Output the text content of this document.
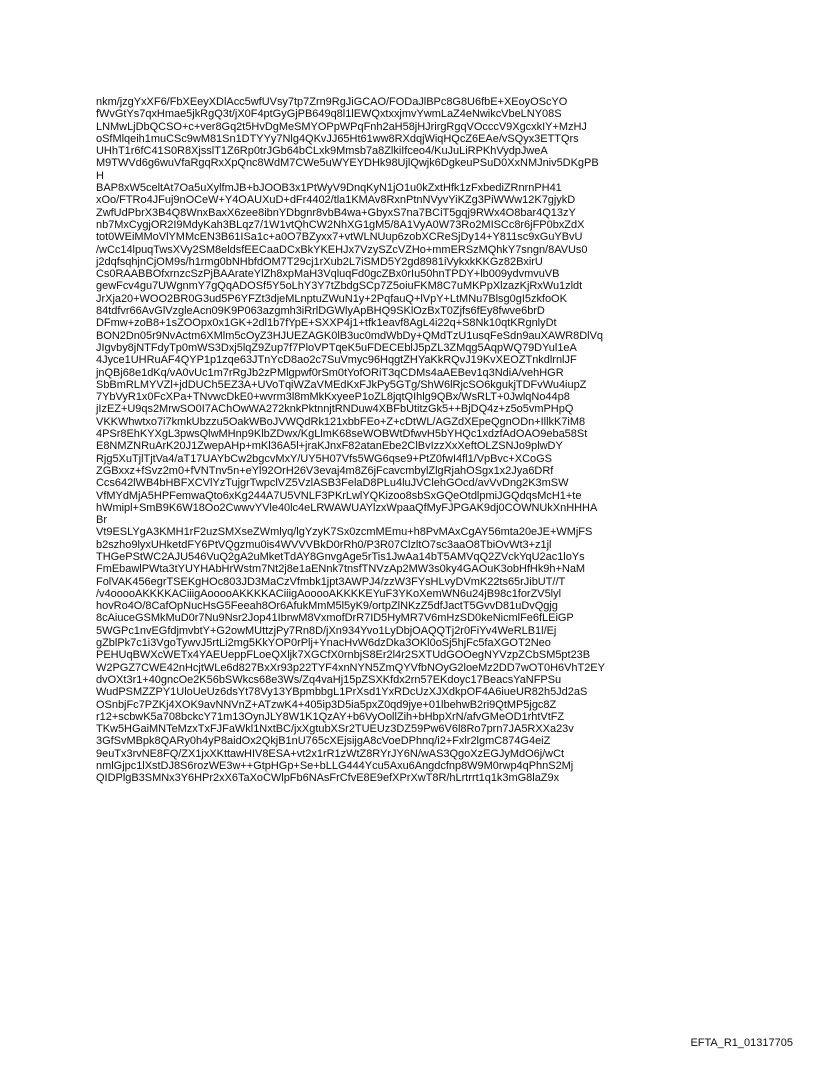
nkm/jzgYxXF6/FbXEeyXDlAcc5wfUVsy7tp7Zrn9RgJiGCAO/FODaJlBPc8G8U6fbE+XEoyOScYO
fWvGtYs7qxHmae5jkRgQ3t/jX0F4ptGyGjPB649q8l1lEWQxtxxjmvYwmLaZ4eNwikcVbeLNY08S
LNMwLjDbQCSO+c+ver8Gq2t5HvDgMeSMYOPpWPqFnh2aH58jHJrirgRgqVOcccV9XgcxkIY+MzHJ
oSfMlqeih1muCSc9wM81Sn1DTYYy7Nlg4QKvJJ65Ht61ww8RXdqjWiqHQcZ6EAe/vSQyx3ETTQrs
UHhT1r6fC41S0R8XjsslT1Z6Rp0trJGb64bCLxk9Mmsb7a8ZlkiIfceo4/KuJuLiRPKhVydpJweA
M9TWVd6g6wuVfaRgqRxXpQnc8WdM7CWe5uWYEYDHk98UjlQwjk6DgkeuPSuD0XxNMJniv5DKgPB
H
BAP8xW5celtAt7Oa5uXylfmJB+bJOOB3x1PtWyV9DnqKyN1jO1u0kZxtHfk1zFxbediZRnrnPH41
xOo/FTRo4JFuj9nOCeW+Y4OAUXuD+dFr4402/tla1KMAv8RxnPtnNVyvYiKZg3PiWWw12K7gjykD
ZwfUdPbrX3B4Q8WnxBaxX6zee8ibnYDbgnr8vbB4wa+GbyxS7na7BCiT5gqj9RWx4O8bar4Q13zY
nb7MxCygjOR2I9MdyKah3BLqz7/1W1vtQhCW2NhXG1gM5/8A1VyA0W73Ro2MISCc8r6jFP0bxZdX
tot0WEiMMoVlYMMcEN3B61ISa1c+a0O7BZyxx7+vtWLNUup6zobXCReSjDy14+Y811sc9xGuYBvU
/wCc14lpuqTwsXVy2SM8eldsfEECaaDCxBkYKEHJx7VzySZcVZHo+mmERSzMQhkY7sngn/8AVUs0
j2dqfsqhjnCjOM9s/h1rmg0bNHbfdOM7T29cj1rXub2L7iSMD5Y2gd8981iVykxkKKGz82BxirU
Cs0RAABBOfxrnzcSzPjBAArateYlZh8xpMaH3VqluqFd0gcZBx0rIu50hnTPDY+lb009ydvmvuVB
gewFcv4gu7UWgnmY7gQqADOSf5Y5oLhY3Y7tZbdgSCp7Z5oiuFKM8C7uMKPpXlzazKjRxWu1zldt
JrXja20+WOO2BR0G3ud5P6YFZt3djeMLnptuZWuN1y+2PqfauQ+lVpY+LtMNu7Blsg0gI5zkfoOK
84tdfvr66AvGlVzgleAcn09K9P063azgmh3iRrlDGWlyApBHQ9SKlOzBxT0Zjfs6fEy8fwve6brD
DFmw+zoB8+1sZOOpx0x1GK+2dl1b7fYpE+SXXP4j1+tfk1eavf8AgL4i22q+S8Nk10qtKRgnlyDt
BON2Dn05r9NvActm6XMlm5cOyZ3HJUEZAGK0lB3uc0mdWbDy+QMdTzU1usqFeSdn9auXAWR8DlVq
JIgvby8jNTFdyTp0mWS3Dxj5lqZ9Zup7f7PloVPTqeK5uFDECEblJ5pZL3ZMqg5AqpWQ79DYul1eA
4Jyce1UHRuAF4QYP1p1zqe63JTnYcD8ao2c7SuVmyc96HqgtZHYaKkRQvJ19KvXEOZTnkdlrnlJF
jnQBj68e1dKq/vA0vUc1m7rRgJb2zPMlgpwf0rSm0tYofORiT3qCDMs4aAEBev1q3NdiA/vehHGR
SbBmRLMYVZl+jdDUCh5EZ3A+UVoTqiWZaVMEdKxFJkPy5GTg/ShW6lRjcSO6kgukjTDFvWu4iupZ
7YbVyR1x0FcXPa+TNvwcDkE0+wvrm3l8mMkKxyeeP1oZL8jqtQIhlg9QBx/WsRLT+0JwlqNo44p8
jIzEZ+U9qs2MrwSO0I7AChOwWA272knkPktnnjtRNDuw4XBFbUtitzGk5++BjDQ4z+z5o5vmPHpQ
VKKWhwtxo7i7kmkUbzzu5OakWBoJVWQdRk121xbbFEo+Z+cDtWL/AGZdXEpeQgnODn+IllkK7iM8
4PSr8EhKYXgL3pwsQlwMHnp9KlbZDwx/KgLlmK68seWOBWtDfwvH5bYHQc1xdzfAdOAO9eba58St
E8NMZNRuArK20J1ZwepAHp+mKl36A5l+jraKJnxF82atanEbe2ClBvIzzXxXeftOLZSNJo9plwDY
Rjg5XuTjlTjtVa4/aT17UAYbCw2bgcvMxY/UY5H07Vfs5WG6qse9+PtZ0fwI4fl1/VpBvc+XCoGS
ZGBxxz+fSvz2m0+fVNTnv5n+eYl92OrH26V3evaj4m8Z6jFcavcmbylZlgRjahOSgx1x2Jya6DRf
Ccs642lWB4bHBFXCVlYzTujgrTwpclVZ5VzlASB3FelaD8PLu4luJVClehGOcd/avVvDng2K3mSW
VfMYdMjA5HPFemwaQto6xKg244A7U5VNLF3PKrLwlYQKizoo8sbSxGQeOtdlpmiJGQdqsMcH1+te
hWmipl+SmB9K6W18Oo2CwwvYVle40lc4eLRWAWUAYlzxWpaaQfMyFJPGAK9dj0COWNUkXnHHHA
Br
Vt9ESLYgA3KMH1rF2uzSMXseZWmlyq/lgYzyK7Sx0zcmMEmu+h8PvMAxCgAY56mta20eJE+WMjFS
b2szho9lyxUHketdFY6PtVQgzmu0is4WVVVBkD0rRh0/P3R07ClzltO7sc3aaO8TbiOvWt3+z1jl
THGePStWC2AJU546VuQ2gA2uMketTdAY8GnvgAge5rTis1JwAa14bT5AMVqQ2ZVckYqU2ac1loYs
FmEbawlPWta3tYUYHAbHrWstm7Nt2j8e1aENnk7tnsfTNVzAp2MW3s0ky4GAOuK3obHfHk9h+NaM
FolVAK456egrTSEKgHOc803JD3MaCzVfmbk1jpt3AWPJ4/zzW3FYsHLvyDVmK22ts65rJibUT//T
/v4ooooAKKKKACiiigAooooAKKKKACiiigAooooAKKKKEYuF3YKoXemWN6u24jB98c1forZV5lyl
hovRo4O/8CafOpNucHsG5Feeah8Or6AfukMmM5l5yK9/ortpZlNKzZ5dfJactT5GvvD81uDvQgjg
8cAiuceGSMkMuD0r7Nu9Nsr2Jop41IbrwM8VxmofDrR7ID5HyMR7V6mHzSD0keNicmlFe6fLEiGP
5WGPc1nvEGfdjmvbtY+G2owMUttzjPy7Rn8D/jXn934Yvo1LyDbjOAQQTj2r0FiYv4WeRLB1l/Ej
gZblPk7c1i3VgoTywvJ5rtLi2mg5KkYOP0rPlj+YnacHvW6dzDka3OKl0oSj5hjFc5faXGOT2Neo
PEHUqBWXcWETx4YAEUeppFLoeQXljk7XGCfX0rnbjS8Er2l4r2SXTUdGOOegNYVzpZCbSM5pt23B
W2PGZ7CWE42nHcjtWLe6d827BxXr93p22TYF4xnNYN5ZmQYVfbNOyG2loeMz2DD7wOT0H6VhT2EY
dvOXt3r1+40gncOe2K56bSWkcs68e3Ws/Zq4vaHj15pZSXKfdx2rn57EKdoyc17BeacsYaNFPSu
WudPSMZZPY1UloUeUz6dsYt78Vy13YBpmbbgL1PrXsd1YxRDcUzXJXdkpOF4A6iueUR82h5Jd2aS
OSnbjFc7PZKj4XOK9avNNVnZ+ATzwK4+405ip3D5ia5pxZ0qd9jye+01lbehwB2ri9QtMP5jgc8Z
r12+scbwK5a708bckcY71m13OynJLY8W1K1QzAY+b6VyOollZih+bHbpXrN/afvGMeOD1rhtVtFZ
TKw5HGaiMNTeMzxTxFJFaWkl1NxtBC/jxXgtubXSr2TUEUz3DZ59Pw6V6l8Ro7prn7JA5RXXa23v
3GfSvMBpk8QARy0h4yP8aidOx2QkjB1nU765cXEjsijgA8cVoeDPhnq/i2+Fxlr2lgmC874G4eiZ
9euTx3rvNE8FQ/ZX1jxXKttawHIV8ESA+vt2x1rR1zWtZ8RYrJY6N/wAS3QgoXzEGJyMdO6j/wCt
nmlGjpc1lXstDJ8S6rozWE3w++GtpHGp+Se+bLLG444Ycu5Axu6Angdcfnp8W9M0rwp4qPhnS2Mj
QIDPlgB3SMNx3Y6HPr2xX6TaXoCWlpFb6NAsFrCfvE8E9efXPrXwT8R/hLrtrrt1q1k3mG8laZ9x
EFTA_R1_01317705
